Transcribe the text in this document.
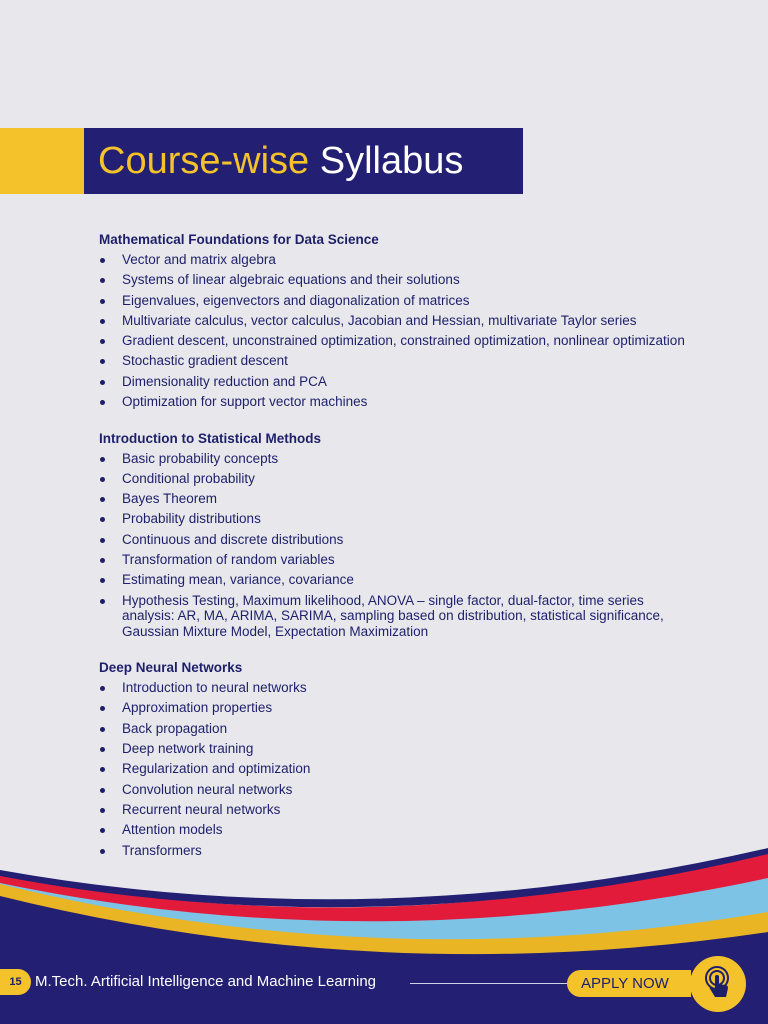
Course-wise Syllabus
Mathematical Foundations for Data Science
Vector and matrix algebra
Systems of linear algebraic equations and their solutions
Eigenvalues, eigenvectors and diagonalization of matrices
Multivariate calculus, vector calculus, Jacobian and Hessian, multivariate Taylor series
Gradient descent, unconstrained optimization, constrained optimization, nonlinear optimization
Stochastic gradient descent
Dimensionality reduction and PCA
Optimization for support vector machines
Introduction to Statistical Methods
Basic probability concepts
Conditional probability
Bayes Theorem
Probability distributions
Continuous and discrete distributions
Transformation of random variables
Estimating mean, variance, covariance
Hypothesis Testing, Maximum likelihood, ANOVA – single factor, dual-factor, time series analysis: AR, MA, ARIMA, SARIMA, sampling based on distribution, statistical significance, Gaussian Mixture Model, Expectation Maximization
Deep Neural Networks
Introduction to neural networks
Approximation properties
Back propagation
Deep network training
Regularization and optimization
Convolution neural networks
Recurrent neural networks
Attention models
Transformers
15 M.Tech. Artificial Intelligence and Machine Learning	APPLY NOW
